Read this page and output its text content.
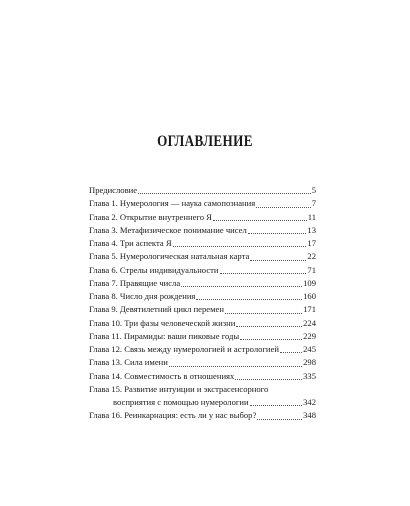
ОГЛАВЛЕНИЕ
Предисловие	5
Глава 1. Нумерология — наука самопознания	7
Глава 2. Открытие внутреннего Я	11
Глава 3. Метафизическое понимание чисел	13
Глава 4. Три аспекта Я	17
Глава 5. Нумерологическая натальная карта	22
Глава 6. Стрелы индивидуальности	71
Глава 7. Правящие числа	109
Глава 8. Число дня рождения	160
Глава 9. Девятилетний цикл перемен	171
Глава 10. Три фазы человеческой жизни	224
Глава 11. Пирамиды: ваши пиковые годы	229
Глава 12. Связь между нумерологией и астрологией	245
Глава 13. Сила имени	298
Глава 14. Совместимость в отношениях	335
Глава 15. Развитие интуиции и экстрасенсорного
восприятия с помощью нумерологии	342
Глава 16. Реинкарнация: есть ли у нас выбор?	348
